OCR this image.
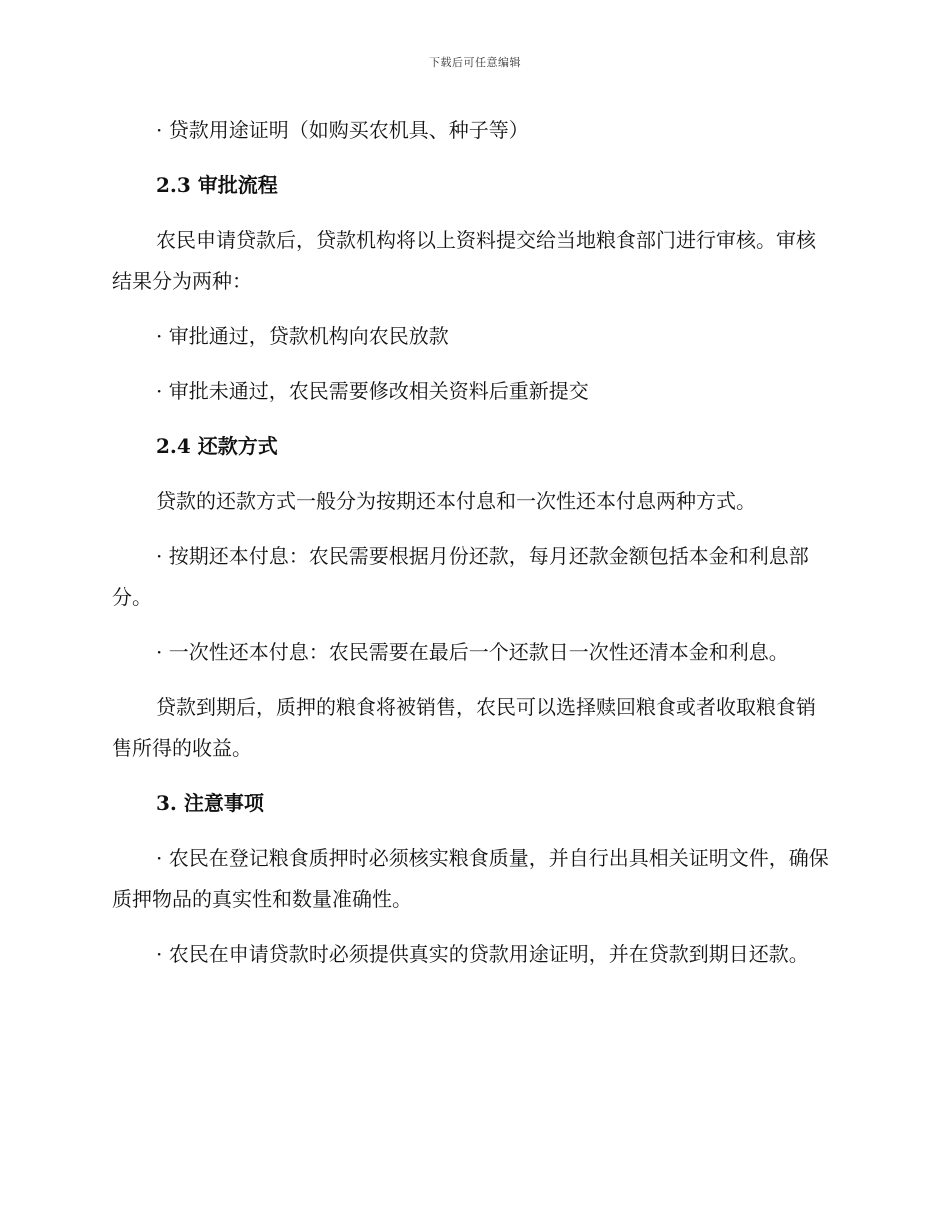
下载后可任意编辑

· 贷款用途证明（如购买农机具、种子等）

2.3 审批流程

农民申请贷款后，贷款机构将以上资料提交给当地粮食部门进行审核。审核结果分为两种：

· 审批通过，贷款机构向农民放款

· 审批未通过，农民需要修改相关资料后重新提交

2.4 还款方式

贷款的还款方式一般分为按期还本付息和一次性还本付息两种方式。

· 按期还本付息：农民需要根据月份还款，每月还款金额包括本金和利息部分。

· 一次性还本付息：农民需要在最后一个还款日一次性还清本金和利息。

贷款到期后，质押的粮食将被销售，农民可以选择赎回粮食或者收取粮食销售所得的收益。

3. 注意事项

· 农民在登记粮食质押时必须核实粮食质量，并自行出具相关证明文件，确保质押物品的真实性和数量准确性。

· 农民在申请贷款时必须提供真实的贷款用途证明，并在贷款到期日还款。
